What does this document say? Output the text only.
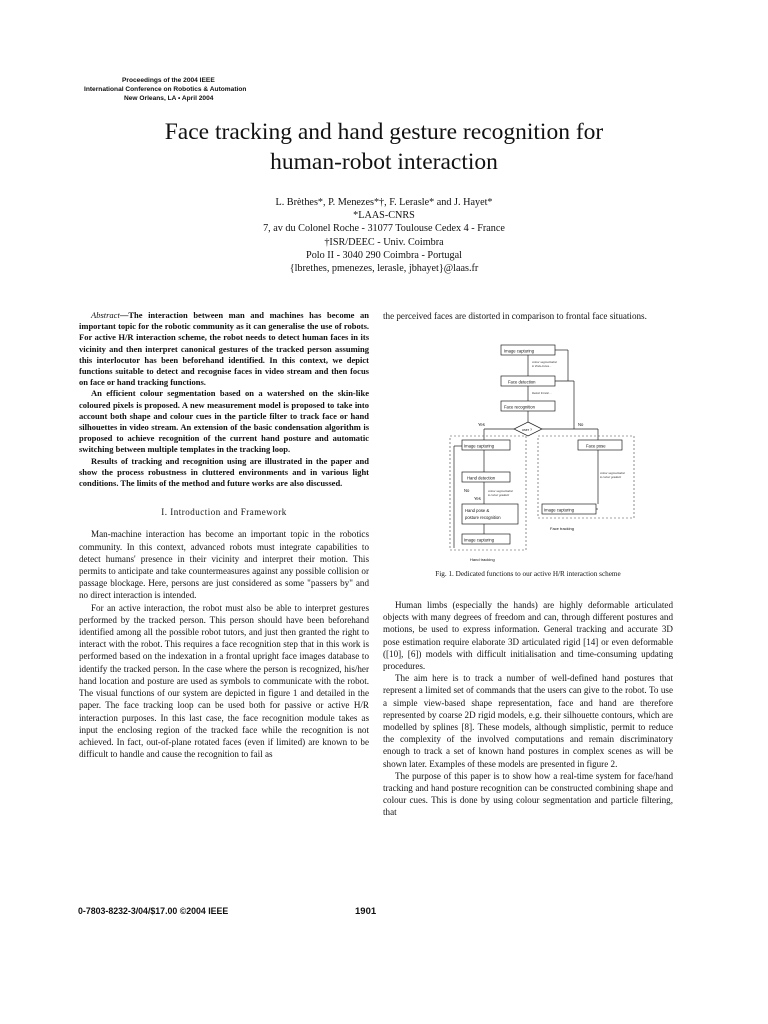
Proceedings of the 2004 IEEE
International Conference on Robotics & Automation
New Orleans, LA • April 2004
Face tracking and hand gesture recognition for
human-robot interaction
L. Brèthes*, P. Menezes*†, F. Lerasle* and J. Hayet*
*LAAS-CNRS
7, av du Colonel Roche - 31077 Toulouse Cedex 4 - France
†ISR/DEEC - Univ. Coimbra
Polo II - 3040 290 Coimbra - Portugal
{lbrethes, pmenezes, lerasle, jbhayet}@laas.fr

Abstract—The interaction between man and machines has become an important topic for the robotic community as it can generalise the use of robots. For active H/R interaction scheme, the robot needs to detect human faces in its vicinity and then interpret canonical gestures of the tracked person assuming this interlocutor has been beforehand identified. In this context, we depict functions suitable to detect and recognise faces in video stream and then focus on face or hand tracking functions.

An efficient colour segmentation based on a watershed on the skin-like coloured pixels is proposed. A new measurement model is proposed to take into account both shape and colour cues in the particle filter to track face or hand silhouettes in video stream. An extension of the basic condensation algorithm is proposed to achieve recognition of the current hand posture and automatic switching between multiple templates in the tracking loop.

Results of tracking and recognition using are illustrated in the paper and show the process robustness in cluttered environments and in various light conditions. The limits of the method and future works are also discussed.

I. Introduction and Framework

Man-machine interaction has become an important topic in the robotics community. In this context, advanced robots must integrate capabilities to detect humans' presence in their vicinity and interpret their motion. This permits to anticipate and take countermeasures against any possible collision or passage blockage. Here, persons are just considered as some "passers by" and no direct interaction is intended.

For an active interaction, the robot must also be able to interpret gestures performed by the tracked person. This person should have been beforehand identified among all the possible robot tutors, and just then granted the right to interact with the robot. This requires a face recognition step that in this work is performed based on the indexation in a frontal upright face images database to identify the tracked person. In the case where the person is recognized, his/her hand location and posture are used as symbols to communicate with the robot. The visual functions of our system are depicted in figure 1 and detailed in the paper. The face tracking loop can be used both for passive or active H/R interaction purposes. In this last case, the face recognition module takes as input the enclosing region of the tracked face while the recognition is not achieved. In fact, out-of-plane rotated faces (even if limited) are known to be difficult to handle and cause the recognition to fail as

the perceived faces are distorted in comparison to frontal face situations.

Image capturing
Face detection
Face recognition
user ?
Image capturing
Hand detection
Hand pose &
posture recognition
Image capturing
Face pose
Image capturing
Yes	No
No
Yes
Hand tracking
Face tracking
colour segmentation
& Viola-Jones...
Detect frontal ...
colour segmentation
& colour gradient
colour segmentation
& colour gradient
Fig. 1. Dedicated functions to our active H/R interaction scheme

Human limbs (especially the hands) are highly deformable articulated objects with many degrees of freedom and can, through different postures and motions, be used to express information. General tracking and accurate 3D pose estimation require elaborate 3D articulated rigid [14] or even deformable ([10], [6]) models with difficult initialisation and time-consuming updating procedures.

The aim here is to track a number of well-defined hand postures that represent a limited set of commands that the users can give to the robot. To use a simple view-based shape representation, face and hand are therefore represented by coarse 2D rigid models, e.g. their silhouette contours, which are modelled by splines [8]. These models, although simplistic, permit to reduce the complexity of the involved computations and remain discriminatory enough to track a set of known hand postures in complex scenes as will be shown later. Examples of these models are presented in figure 2.

The purpose of this paper is to show how a real-time system for face/hand tracking and hand posture recognition can be constructed combining shape and colour cues. This is done by using colour segmentation and particle filtering, that

0-7803-8232-3/04/$17.00 ©2004 IEEE	1901
